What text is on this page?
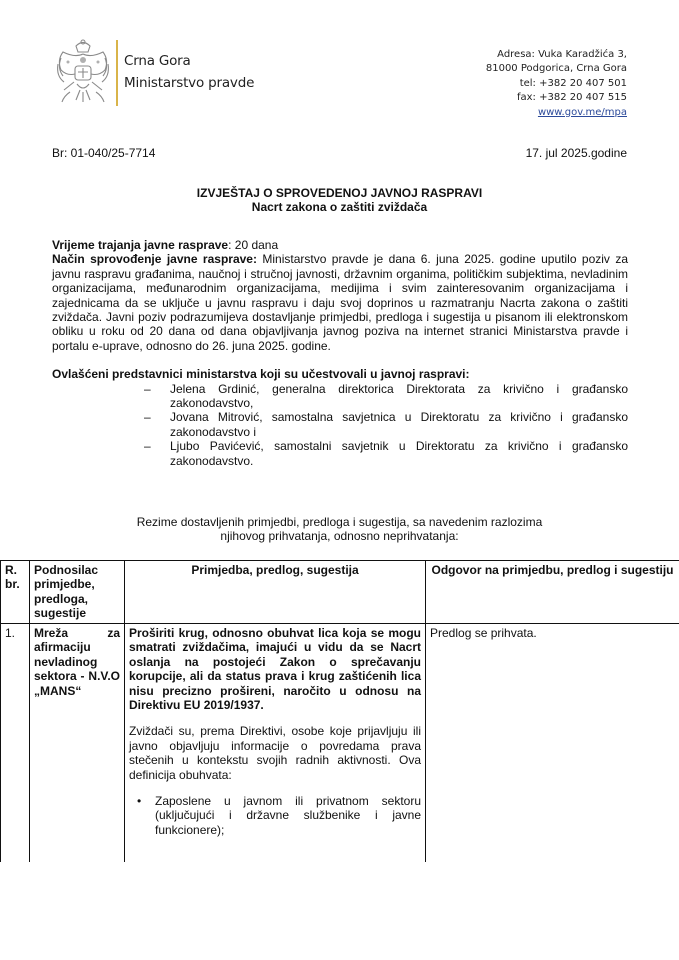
Crna Gora
Ministarstvo pravde
Adresa: Vuka Karadžića 3,
81000 Podgorica, Crna Gora
tel: +382 20 407 501
fax: +382 20 407 515
www.gov.me/mpa
Br: 01-040/25-7714	17. jul 2025.godine
IZVJEŠTAJ O SPROVEDENOJ JAVNOJ RASPRAVI
Nacrt zakona o zaštiti zviždača

Vrijeme trajanja javne rasprave: 20 dana

Način sprovođenje javne rasprave: Ministarstvo pravde je dana 6. juna 2025. godine uputilo poziv za javnu raspravu građanima, naučnoj i stručnoj javnosti, državnim organima, političkim subjektima, nevladinim organizacijama, međunarodnim organizacijama, medijima i svim zainteresovanim organizacijama i zajednicama da se uključe u javnu raspravu i daju svoj doprinos u razmatranju Nacrta zakona o zaštiti zviždača. Javni poziv podrazumijeva dostavljanje primjedbi, predloga i sugestija u pisanom ili elektronskom obliku u roku od 20 dana od dana objavljivanja javnog poziva na internet stranici Ministarstva pravde i portalu e-uprave, odnosno do 26. juna 2025. godine.

Ovlašćeni predstavnici ministarstva koji su učestvovali u javnoj raspravi:

– Jelena Grdinić, generalna direktorica Direktorata za krivično i građansko zakonodavstvo,
– Jovana Mitrović, samostalna savjetnica u Direktoratu za krivično i građansko zakonodavstvo i
– Ljubo Pavićević, samostalni savjetnik u Direktoratu za krivično i građansko zakonodavstvo.
Rezime dostavljenih primjedbi, predloga i sugestija, sa navedenim razlozima
njihovog prihvatanja, odnosno neprihvatanja:
R. br.	Podnosilac primjedbe, predloga, sugestije	Primjedba, predlog, sugestija	Odgovor na primjedbu, predlog i sugestiju
1.	Mreža za afirmaciju nevladinog sektora - N.V.O „MANS“	Proširiti krug, odnosno obuhvat lica koja se mogu smatrati zviždačima, imajući u vidu da se Nacrt oslanja na postojeći Zakon o sprečavanju korupcije, ali da status prava i krug zaštićenih lica nisu precizno prošireni, naročito u odnosu na Direktivu EU 2019/1937.

Zviždači su, prema Direktivi, osobe koje prijavljuju ili javno objavljuju informacije o povredama prava stečenih u kontekstu svojih radnih aktivnosti. Ova definicija obuhvata:

• Zaposlene u javnom ili privatnom sektoru (uključujući i državne službenike i javne funkcionere);	Predlog se prihvata.
